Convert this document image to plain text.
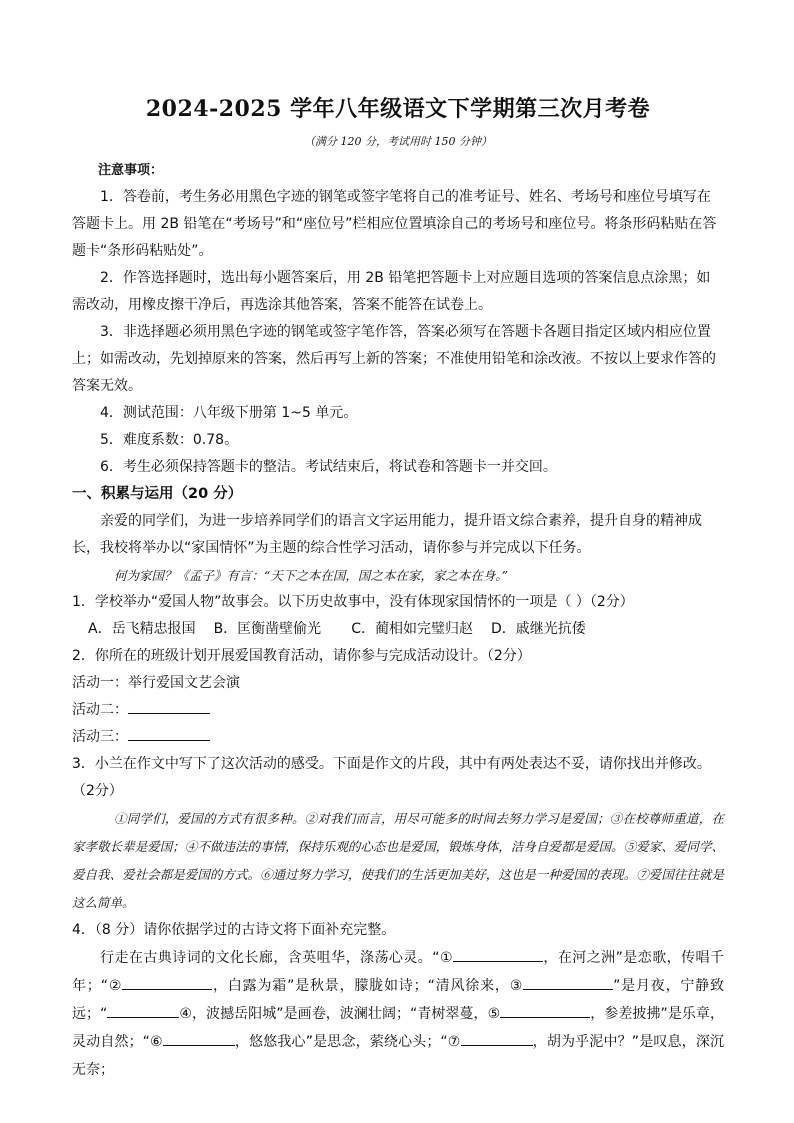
2024-2025 学年八年级语文下学期第三次月考卷

（满分 120 分，考试用时 150 分钟）

注意事项：

1．答卷前，考生务必用黑色字迹的钢笔或签字笔将自己的准考证号、姓名、考场号和座位号填写在答题卡上。用 2B 铅笔在“考场号”和“座位号”栏相应位置填涂自己的考场号和座位号。将条形码粘贴在答题卡“条形码粘贴处”。

2．作答选择题时，选出每小题答案后，用 2B 铅笔把答题卡上对应题目选项的答案信息点涂黑；如需改动，用橡皮擦干净后，再选涂其他答案，答案不能答在试卷上。

3．非选择题必须用黑色字迹的钢笔或签字笔作答，答案必须写在答题卡各题目指定区域内相应位置上；如需改动，先划掉原来的答案，然后再写上新的答案；不准使用铅笔和涂改液。不按以上要求作答的答案无效。

4．测试范围：八年级下册第 1~5 单元。

5．难度系数：0.78。

6．考生必须保持答题卡的整洁。考试结束后，将试卷和答题卡一并交回。

一、积累与运用（20 分）

亲爱的同学们，为进一步培养同学们的语言文字运用能力，提升语文综合素养，提升自身的精神成长，我校将举办以“家国情怀”为主题的综合性学习活动，请你参与并完成以下任务。

何为家国？《孟子》有言：“天下之本在国，国之本在家，家之本在身。”

1．学校举办“爱国人物”故事会。以下历史故事中，没有体现家国情怀的一项是（ ）（2分）

A．岳飞精忠报国 B．匡衡凿壁偷光 C．蔺相如完璧归赵 D．戚继光抗倭

2．你所在的班级计划开展爱国教育活动，请你参与完成活动设计。（2分）

活动一：举行爱国文艺会演

活动二：

活动三：

3．小兰在作文中写下了这次活动的感受。下面是作文的片段，其中有两处表达不妥，请你找出并修改。（2分）

①同学们，爱国的方式有很多种。②对我们而言，用尽可能多的时间去努力学习是爱国；③在校尊师重道，在家孝敬长辈是爱国；④不做违法的事情，保持乐观的心态也是爱国，锻炼身体，洁身自爱都是爱国。⑤爱家、爱同学、爱自我、爱社会都是爱国的方式。⑥通过努力学习，使我们的生活更加美好，这也是一种爱国的表现。⑦爱国往往就是这么简单。

4．（8 分）请你依据学过的古诗文将下面补充完整。

行走在古典诗词的文化长廊，含英咀华，涤荡心灵。“①	，在河之洲”是恋歌，传唱千年；“②	，白露为霜”是秋景，朦胧如诗；“清风徐来，③	”是月夜，宁静致远；“	④，波撼岳阳城”是画卷，波澜壮阔；“青树翠蔓，⑤	，参差披拂”是乐章，灵动自然；“⑥	，悠悠我心”是思念，萦绕心头；“⑦	，胡为乎泥中？”是叹息，深沉无奈；
